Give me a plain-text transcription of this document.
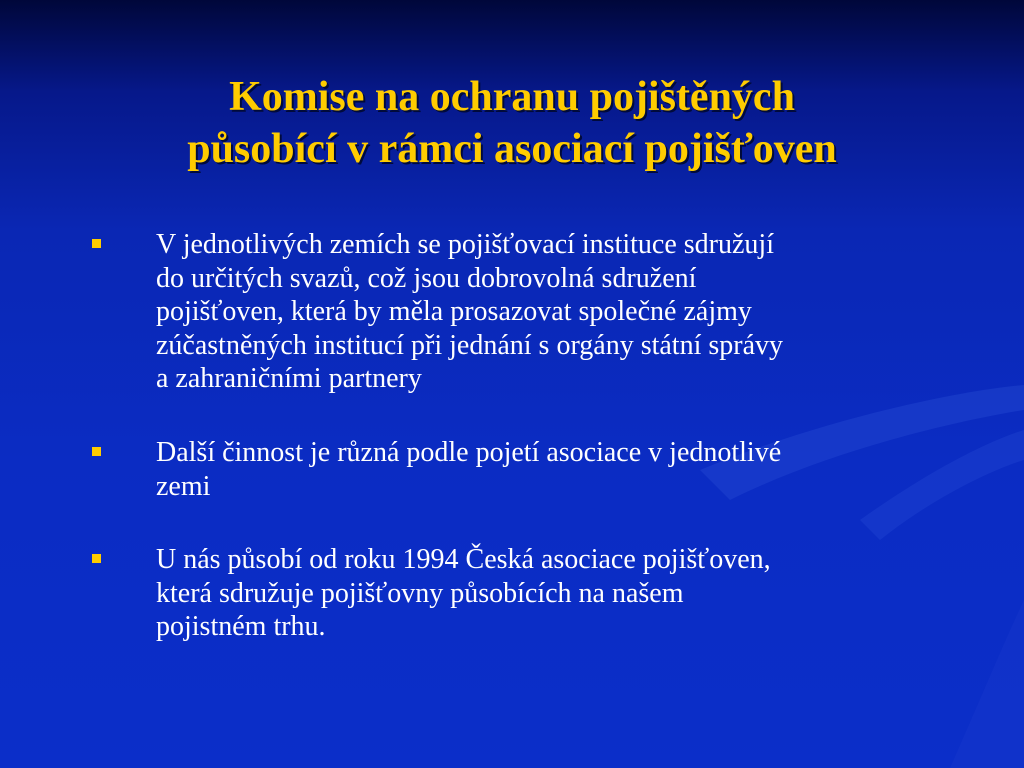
Komise na ochranu pojištěných
působící v rámci asociací pojišťoven
V jednotlivých zemích se pojišťovací instituce sdružují
do určitých svazů, což jsou dobrovolná sdružení
pojišťoven, která by měla prosazovat společné zájmy
zúčastněných institucí při jednání s orgány státní správy
a zahraničními partnery
Další činnost je různá podle pojetí asociace v jednotlivé
zemi
U nás působí od roku 1994 Česká asociace pojišťoven,
která sdružuje pojišťovny působících na našem
pojistném trhu.
